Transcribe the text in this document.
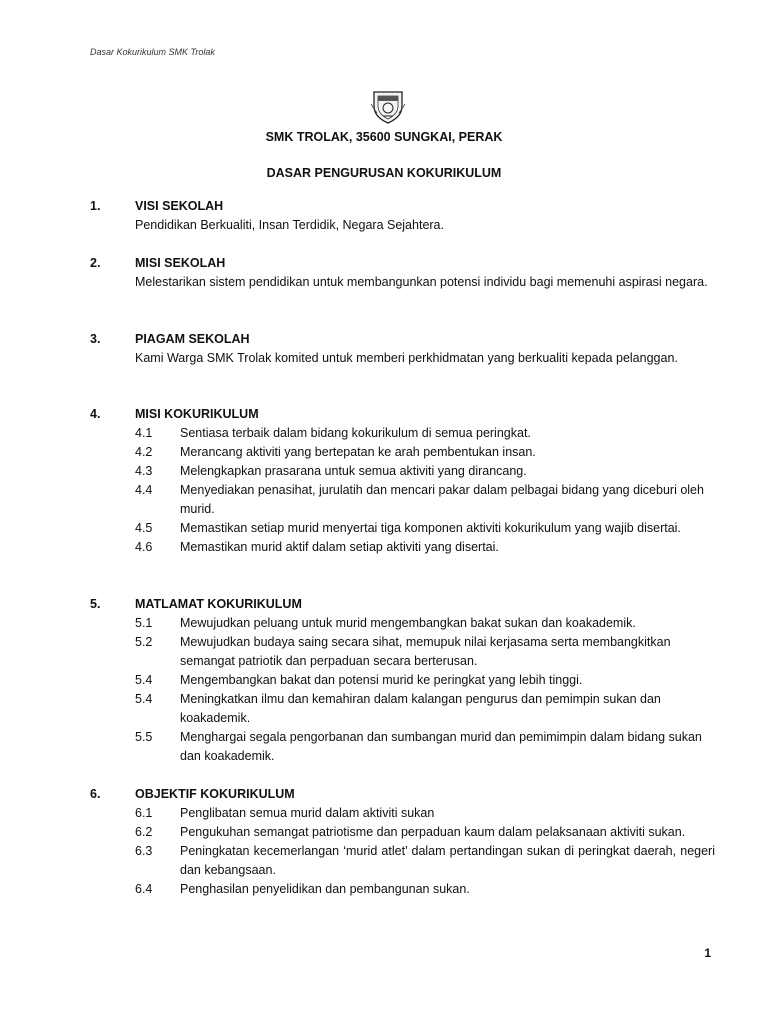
Dasar Kokurikulum SMK Trolak
SMK TROLAK, 35600 SUNGKAI, PERAK
DASAR PENGURUSAN KOKURIKULUM
1.	VISI SEKOLAH
Pendidikan Berkualiti, Insan Terdidik, Negara Sejahtera.
2.	MISI SEKOLAH
Melestarikan sistem pendidikan untuk membangunkan potensi individu bagi memenuhi aspirasi negara.
3.	PIAGAM SEKOLAH
Kami Warga SMK Trolak komited untuk memberi perkhidmatan yang berkualiti kepada pelanggan.
4.	MISI KOKURIKULUM
4.1 Sentiasa terbaik dalam bidang kokurikulum di semua peringkat.
4.2 Merancang aktiviti yang bertepatan ke arah pembentukan insan.
4.3 Melengkapkan prasarana untuk semua aktiviti yang dirancang.
4.4 Menyediakan penasihat, jurulatih dan mencari pakar dalam pelbagai bidang yang diceburi oleh murid.
4.5 Memastikan setiap murid menyertai tiga komponen aktiviti kokurikulum yang wajib disertai.
4.6 Memastikan murid aktif dalam setiap aktiviti yang disertai.
5.	MATLAMAT KOKURIKULUM
5.1 Mewujudkan peluang untuk murid mengembangkan bakat sukan dan koakademik.
5.2 Mewujudkan budaya saing secara sihat, memupuk nilai kerjasama serta membangkitkan semangat patriotik dan perpaduan secara berterusan.
5.4 Mengembangkan bakat dan potensi murid ke peringkat yang lebih tinggi.
5.4 Meningkatkan ilmu dan kemahiran dalam kalangan pengurus dan pemimpin sukan dan koakademik.
5.5 Menghargai segala pengorbanan dan sumbangan murid dan pemimimpin dalam bidang sukan dan koakademik.
6.	OBJEKTIF KOKURIKULUM
6.1 Penglibatan semua murid dalam aktiviti sukan
6.2 Pengukuhan semangat patriotisme dan perpaduan kaum dalam pelaksanaan aktiviti sukan.
6.3 Peningkatan kecemerlangan ‘murid atlet’ dalam pertandingan sukan di peringkat daerah, negeri dan kebangsaan.
6.4 Penghasilan penyelidikan dan pembangunan sukan.
1
